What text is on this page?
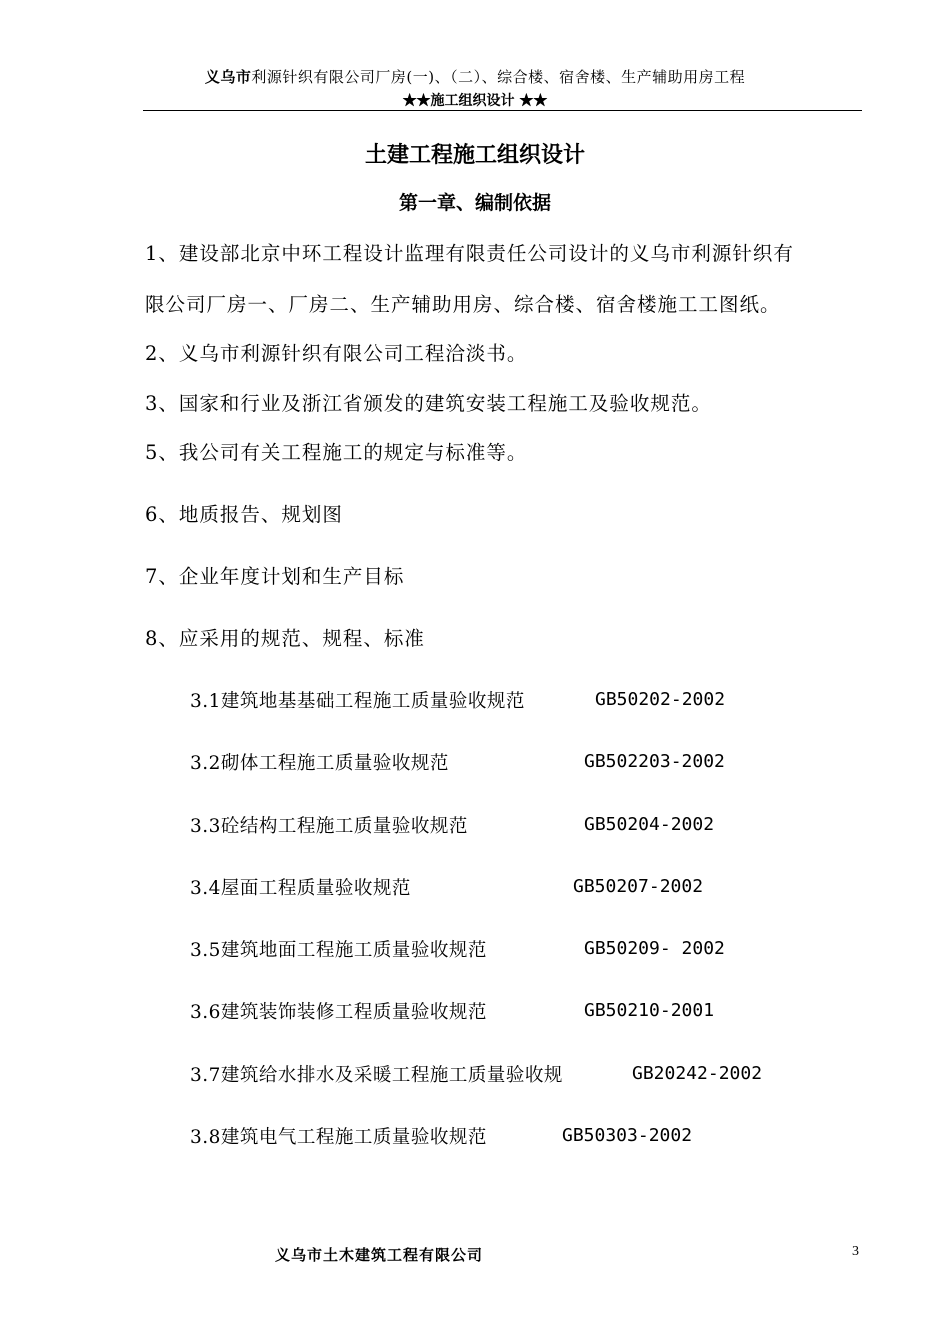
义乌市利源针织有限公司厂房(一)、（二）、综合楼、宿舍楼、生产辅助用房工程
★★施工组织设计 ★★
土建工程施工组织设计
第一章、编制依据
1、建设部北京中环工程设计监理有限责任公司设计的义乌市利源针织有
限公司厂房一、厂房二、生产辅助用房、综合楼、宿舍楼施工工图纸。
2、义乌市利源针织有限公司工程洽淡书。
3、国家和行业及浙江省颁发的建筑安装工程施工及验收规范。
5、我公司有关工程施工的规定与标准等。
6、地质报告、规划图
7、企业年度计划和生产目标
8、应采用的规范、规程、标准
3.1建筑地基基础工程施工质量验收规范	GB50202-2002
3.2砌体工程施工质量验收规范	GB502203-2002
3.3砼结构工程施工质量验收规范	GB50204-2002
3.4屋面工程质量验收规范	GB50207-2002
3.5建筑地面工程施工质量验收规范	GB50209- 2002
3.6建筑装饰装修工程质量验收规范	GB50210-2001
3.7建筑给水排水及采暖工程施工质量验收规	GB20242-2002
3.8建筑电气工程施工质量验收规范	GB50303-2002
义乌市土木建筑工程有限公司	3
